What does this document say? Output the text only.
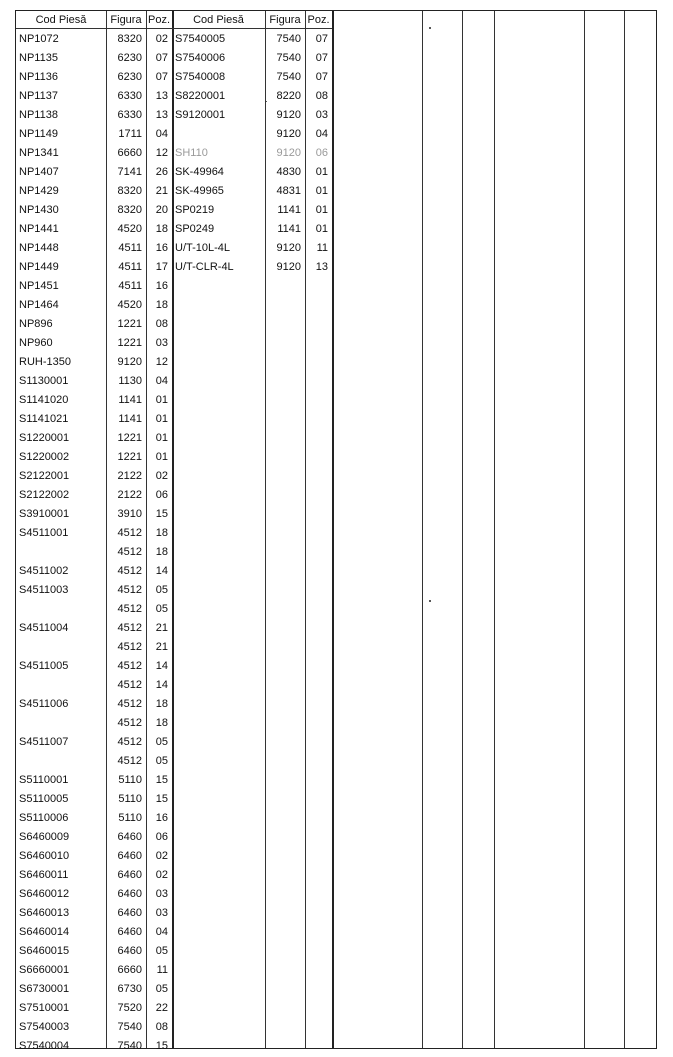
Cod Piesă	Figura Poz.	Cod Piesă	Figura Poz.
NP1072	8320	02
NP1135	6230	07
NP1136	6230	07
NP1137	6330	13
NP1138	6330	13
NP1149	1711	04
NP1341	6660	12
NP1407	7141	26
NP1429	8320	21
NP1430	8320	20
NP1441	4520	18
NP1448	4511	16
NP1449	4511	17
NP1451	4511	16
NP1464	4520	18
NP896	1221	08
NP960	1221	03
RUH-1350	9120	12
S1130001	1130	04
S1141020	1141	01
S1141021	1141	01
S1220001	1221	01
S1220002	1221	01
S2122001	2122	02
S2122002	2122	06
S3910001	3910	15
S4511001	4512	18
4512	18
S4511002	4512	14
S4511003	4512	05
4512	05
S4511004	4512	21
4512	21
S4511005	4512	14
4512	14
S4511006	4512	18
4512	18
S4511007	4512	05
4512	05
S5110001	5110	15
S5110005	5110	15
S5110006	5110	16
S6460009	6460	06
S6460010	6460	02
S6460011	6460	02
S6460012	6460	03
S6460013	6460	03
S6460014	6460	04
S6460015	6460	05
S6660001	6660	11
S6730001	6730	05
S7510001	7520	22
S7540003	7540	08
S7540004	7540	15
S7540005	7540	07
S7540006	7540	07
S7540008	7540	07
S8220001	8220	08
S9120001	9120	03
9120	04
SH110	9120	06
SK-49964	4830	01
SK-49965	4831	01
SP0219	1141	01
SP0249	1141	01
U/T-10L-4L	9120	11
U/T-CLR-4L	9120	13
